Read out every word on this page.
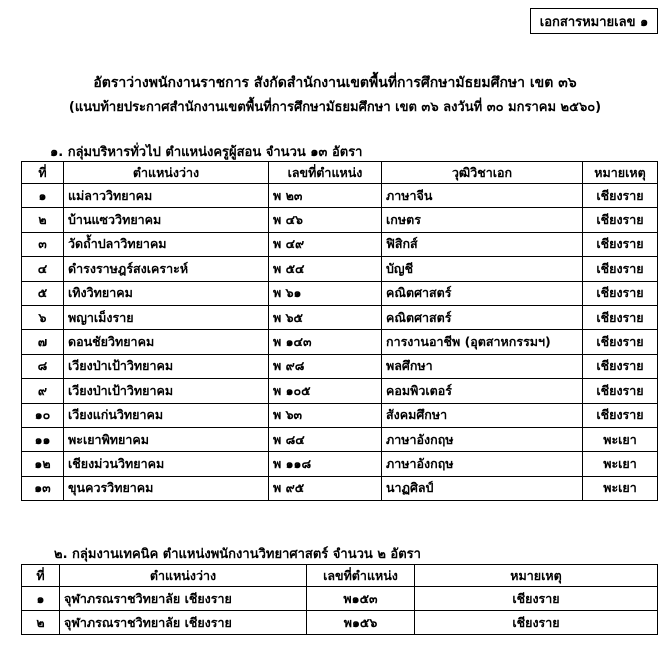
เอกสารหมายเลข ๑
อัตราว่างพนักงานราชการ สังกัดสำนักงานเขตพื้นที่การศึกษามัธยมศึกษา เขต ๓๖
(แนบท้ายประกาศสำนักงานเขตพื้นที่การศึกษามัธยมศึกษา เขต ๓๖ ลงวันที่ ๓๐ มกราคม ๒๕๖๐)
๑. กลุ่มบริหารทั่วไป ตำแหน่งครูผู้สอน จำนวน ๑๓ อัตรา
ที่	ตำแหน่งว่าง	เลขที่ตำแหน่ง	วุฒิวิชาเอก	หมายเหตุ
๑	แม่ลาววิทยาคม	พ ๒๓	ภาษาจีน	เชียงราย
๒	บ้านแซววิทยาคม	พ ๔๖	เกษตร	เชียงราย
๓	วัดถ้ำปลาวิทยาคม	พ ๔๙	ฟิสิกส์	เชียงราย
๔	ดำรงราษฎร์สงเคราะห์	พ ๕๔	บัญชี	เชียงราย
๕	เทิงวิทยาคม	พ ๖๑	คณิตศาสตร์	เชียงราย
๖	พญาเม็งราย	พ ๖๕	คณิตศาสตร์	เชียงราย
๗	ดอนชัยวิทยาคม	พ ๑๔๓	การงานอาชีพ (อุตสาหกรรมฯ)	เชียงราย
๘	เวียงป่าเป้าวิทยาคม	พ ๙๘	พลศึกษา	เชียงราย
๙	เวียงป่าเป้าวิทยาคม	พ ๑๐๕	คอมพิวเตอร์	เชียงราย
๑๐	เวียงแก่นวิทยาคม	พ ๖๓	สังคมศึกษา	เชียงราย
๑๑	พะเยาพิทยาคม	พ ๘๔	ภาษาอังกฤษ	พะเยา
๑๒	เชียงม่วนวิทยาคม	พ ๑๑๘	ภาษาอังกฤษ	พะเยา
๑๓	ขุนควรวิทยาคม	พ ๙๕	นาฏศิลป์	พะเยา
๒. กลุ่มงานเทคนิค ตำแหน่งพนักงานวิทยาศาสตร์ จำนวน ๒ อัตรา
ที่	ตำแหน่งว่าง	เลขที่ตำแหน่ง	หมายเหตุ
๑	จุฬาภรณราชวิทยาลัย เชียงราย	พ๑๕๓	เชียงราย
๒	จุฬาภรณราชวิทยาลัย เชียงราย	พ๑๕๖	เชียงราย
